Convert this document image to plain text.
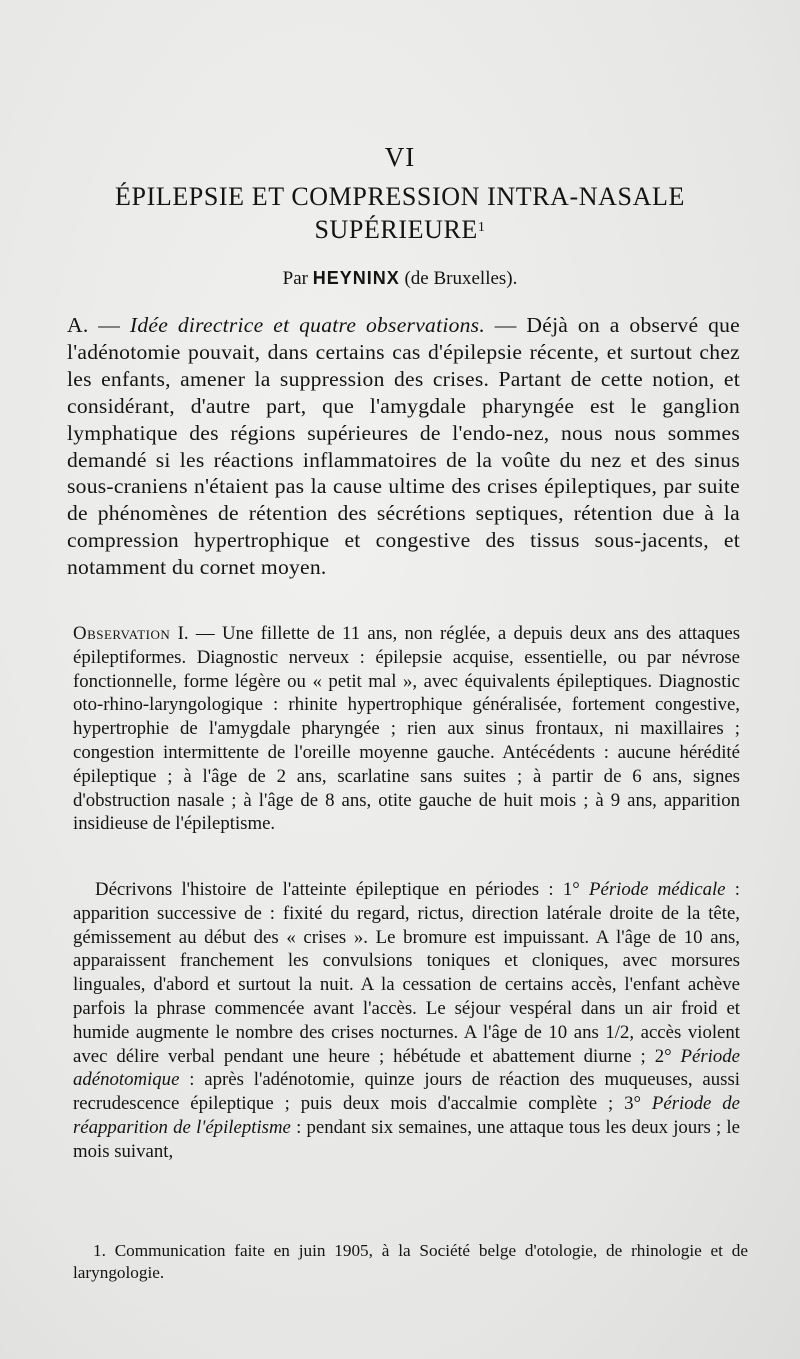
VI
ÉPILEPSIE ET COMPRESSION INTRA-NASALE
SUPÉRIEURE$^1$
Par HEYNINX (de Bruxelles).

A. — Idée directrice et quatre observations. — Déjà on a observé que l'adénotomie pouvait, dans certains cas d'épilepsie récente, et surtout chez les enfants, amener la suppression des crises. Partant de cette notion, et considérant, d'autre part, que l'amygdale pharyngée est le ganglion lymphatique des régions supérieures de l'endo-nez, nous nous sommes demandé si les réactions inflammatoires de la voûte du nez et des sinus sous-craniens n'étaient pas la cause ultime des crises épileptiques, par suite de phénomènes de rétention des sécrétions septiques, rétention due à la compression hypertrophique et congestive des tissus sous-jacents, et notamment du cornet moyen.

Observation I. — Une fillette de 11 ans, non réglée, a depuis deux ans des attaques épileptiformes. Diagnostic nerveux : épilepsie acquise, essentielle, ou par névrose fonctionnelle, forme légère ou « petit mal », avec équivalents épileptiques. Diagnostic oto-rhino-laryngologique : rhinite hypertrophique généralisée, fortement congestive, hypertrophie de l'amygdale pharyngée ; rien aux sinus frontaux, ni maxillaires ; congestion intermittente de l'oreille moyenne gauche. Antécédents : aucune hérédité épileptique ; à l'âge de 2 ans, scarlatine sans suites ; à partir de 6 ans, signes d'obstruction nasale ; à l'âge de 8 ans, otite gauche de huit mois ; à 9 ans, apparition insidieuse de l'épileptisme.

Décrivons l'histoire de l'atteinte épileptique en périodes : 1° Période médicale : apparition successive de : fixité du regard, rictus, direction latérale droite de la tête, gémissement au début des « crises ». Le bromure est impuissant. A l'âge de 10 ans, apparaissent franchement les convulsions toniques et cloniques, avec morsures linguales, d'abord et surtout la nuit. A la cessation de certains accès, l'enfant achève parfois la phrase commencée avant l'accès. Le séjour vespéral dans un air froid et humide augmente le nombre des crises nocturnes. A l'âge de 10 ans 1/2, accès violent avec délire verbal pendant une heure ; hébétude et abattement diurne ; 2° Période adénotomique : après l'adénotomie, quinze jours de réaction des muqueuses, aussi recrudescence épileptique ; puis deux mois d'accalmie complète ; 3° Période de réapparition de l'épileptisme : pendant six semaines, une attaque tous les deux jours ; le mois suivant,

1. Communication faite en juin 1905, à la Société belge d'otologie, de rhinologie et de laryngologie.
